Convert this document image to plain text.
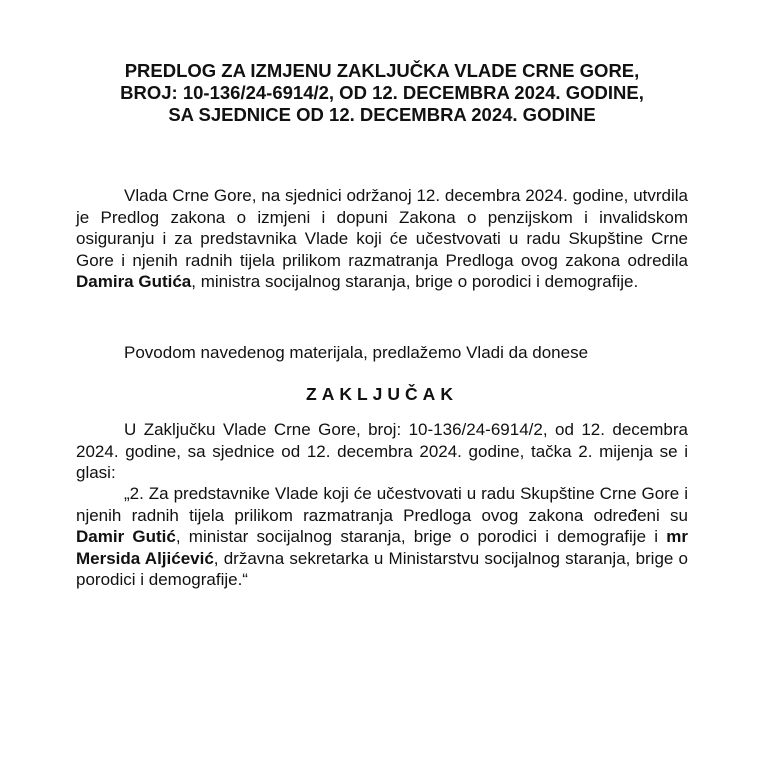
PREDLOG ZA IZMJENU ZAKLJUČKA VLADE CRNE GORE,
BROJ: 10-136/24-6914/2, OD 12. DECEMBRA 2024. GODINE,
SA SJEDNICE OD 12. DECEMBRA 2024. GODINE

Vlada Crne Gore, na sjednici održanoj 12. decembra 2024. godine, utvrdila je Predlog zakona o izmjeni i dopuni Zakona o penzijskom i invalidskom osiguranju i za predstavnika Vlade koji će učestvovati u radu Skupštine Crne Gore i njenih radnih tijela prilikom razmatranja Predloga ovog zakona odredila Damira Gutića, ministra socijalnog staranja, brige o porodici i demografije.

Povodom navedenog materijala, predlažemo Vladi da donese

ZAKLJUČAK

U Zaključku Vlade Crne Gore, broj: 10-136/24-6914/2, od 12. decembra 2024. godine, sa sjednice od 12. decembra 2024. godine, tačka 2. mijenja se i glasi:

„2. Za predstavnike Vlade koji će učestvovati u radu Skupštine Crne Gore i njenih radnih tijela prilikom razmatranja Predloga ovog zakona određeni su Damir Gutić, ministar socijalnog staranja, brige o porodici i demografije i mr Mersida Aljićević, državna sekretarka u Ministarstvu socijalnog staranja, brige o porodici i demografije.“
